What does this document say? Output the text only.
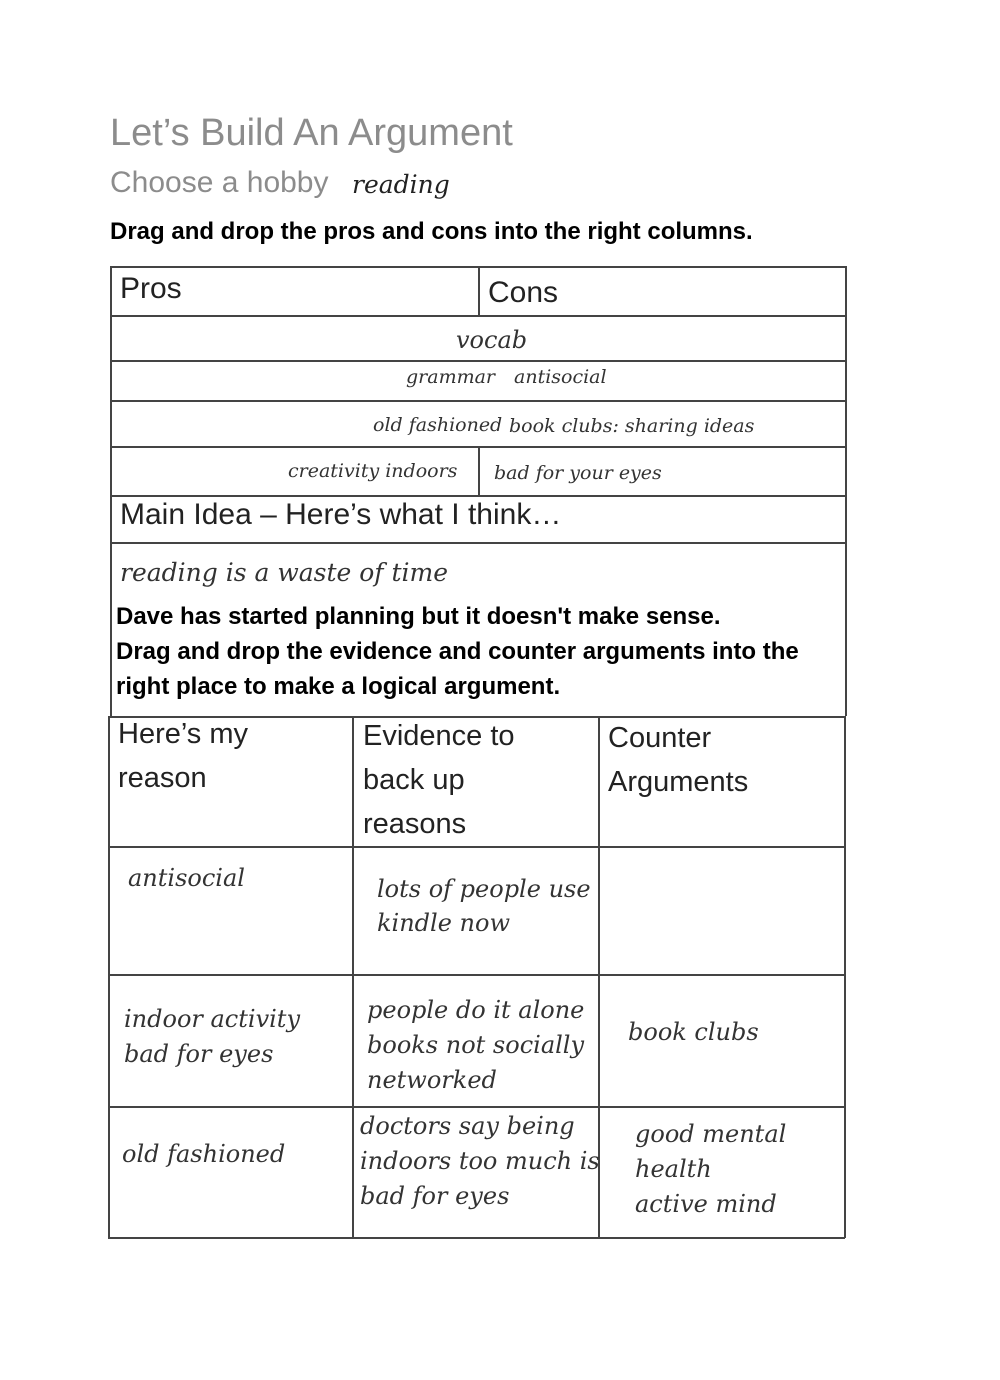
Let’s Build An Argument
Choose a hobby reading
Drag and drop the pros and cons into the right columns.
Pros	Cons
vocab
grammar antisocial
old fashioned book clubs: sharing ideas
creativity indoors bad for your eyes
Main Idea – Here’s what I think…
reading is a waste of time
Dave has started planning but it doesn't make sense.
Drag and drop the evidence and counter arguments into the
right place to make a logical argument.
Here’s my
reason
Evidence to
back up
reasons
Counter
Arguments
antisocial	lots of people use
kindle now
indoor activity
bad for eyes
people do it alone
books not socially
networked
book clubs
old fashioned
doctors say being
indoors too much is
bad for eyes
good mental
health
active mind
